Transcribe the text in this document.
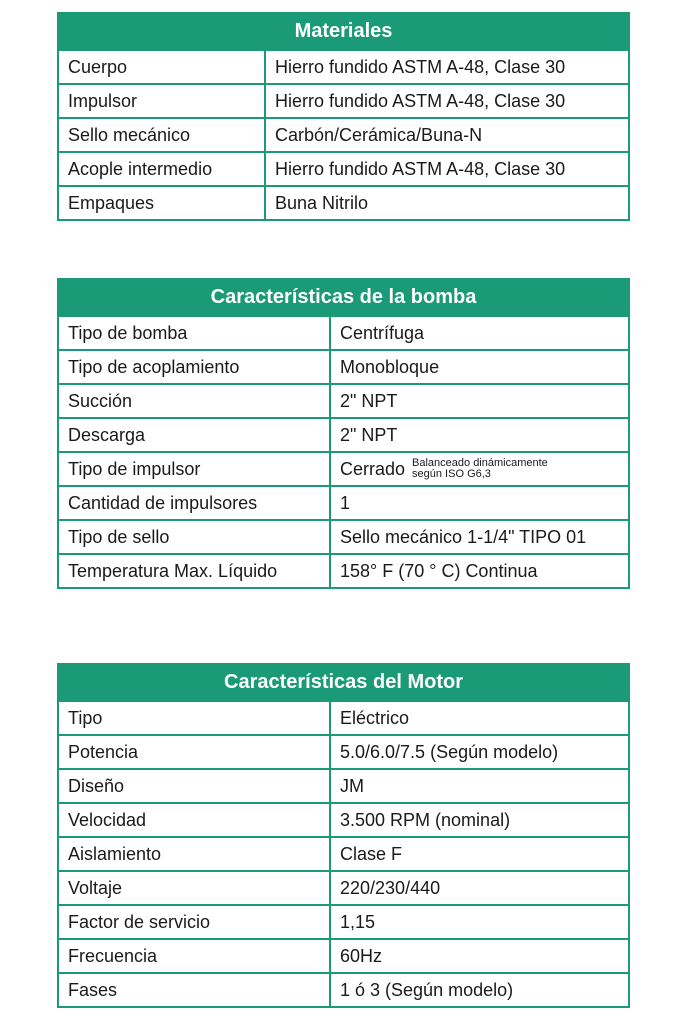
Materiales
Cuerpo	Hierro fundido ASTM A-48, Clase 30
Impulsor	Hierro fundido ASTM A-48, Clase 30
Sello mecánico	Carbón/Cerámica/Buna-N
Acople intermedio	Hierro fundido ASTM A-48, Clase 30
Empaques	Buna Nitrilo
Características de la bomba
Tipo de bomba	Centrífuga
Tipo de acoplamiento	Monobloque
Succión	2" NPT
Descarga	2" NPT
Tipo de impulsor	Cerrado Balanceado dinámicamente
según ISO G6,3
Cantidad de impulsores	1
Tipo de sello	Sello mecánico 1-1/4" TIPO 01
Temperatura Max. Líquido	158° F (70 ° C) Continua
Características del Motor
Tipo	Eléctrico
Potencia	5.0/6.0/7.5 (Según modelo)
Diseño	JM
Velocidad	3.500 RPM (nominal)
Aislamiento	Clase F
Voltaje	220/230/440
Factor de servicio	1,15
Frecuencia	60Hz
Fases	1 ó 3 (Según modelo)
